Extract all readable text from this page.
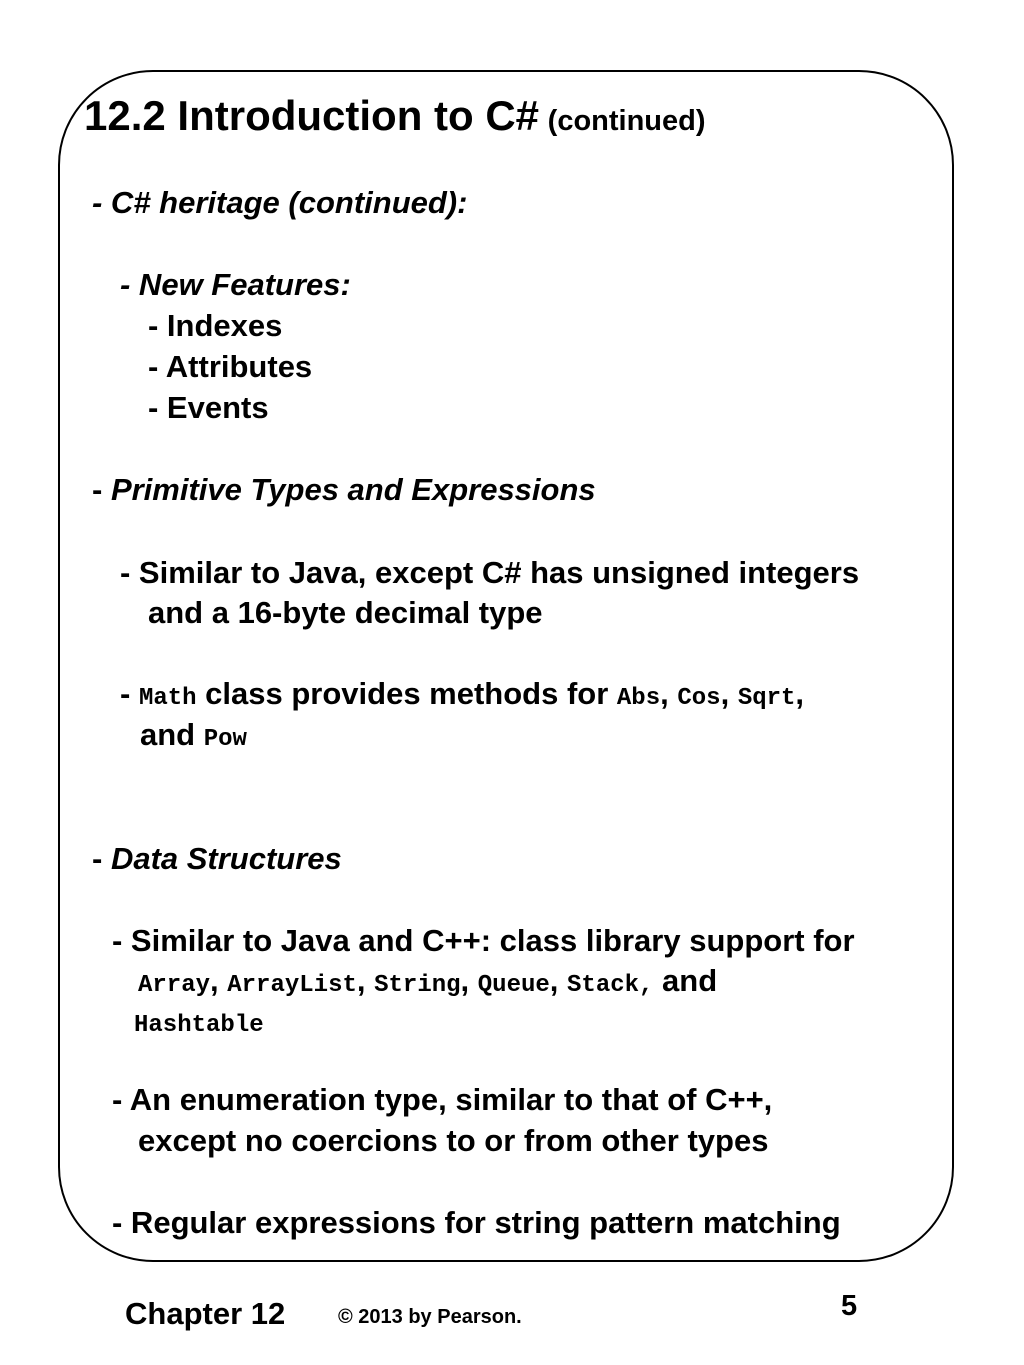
12.2 Introduction to C# (continued)
- C# heritage (continued):
- New Features:
- Indexes
- Attributes
- Events
- Primitive Types and Expressions
- Similar to Java, except C# has unsigned integers
and a 16-byte decimal type
- Math class provides methods for Abs, Cos, Sqrt,
and Pow
- Data Structures
- Similar to Java and C++: class library support for
Array, ArrayList, String, Queue, Stack, and
Hashtable
- An enumeration type, similar to that of C++,
except no coercions to or from other types
- Regular expressions for string pattern matching
Chapter 12	© 2013 by Pearson.	5
